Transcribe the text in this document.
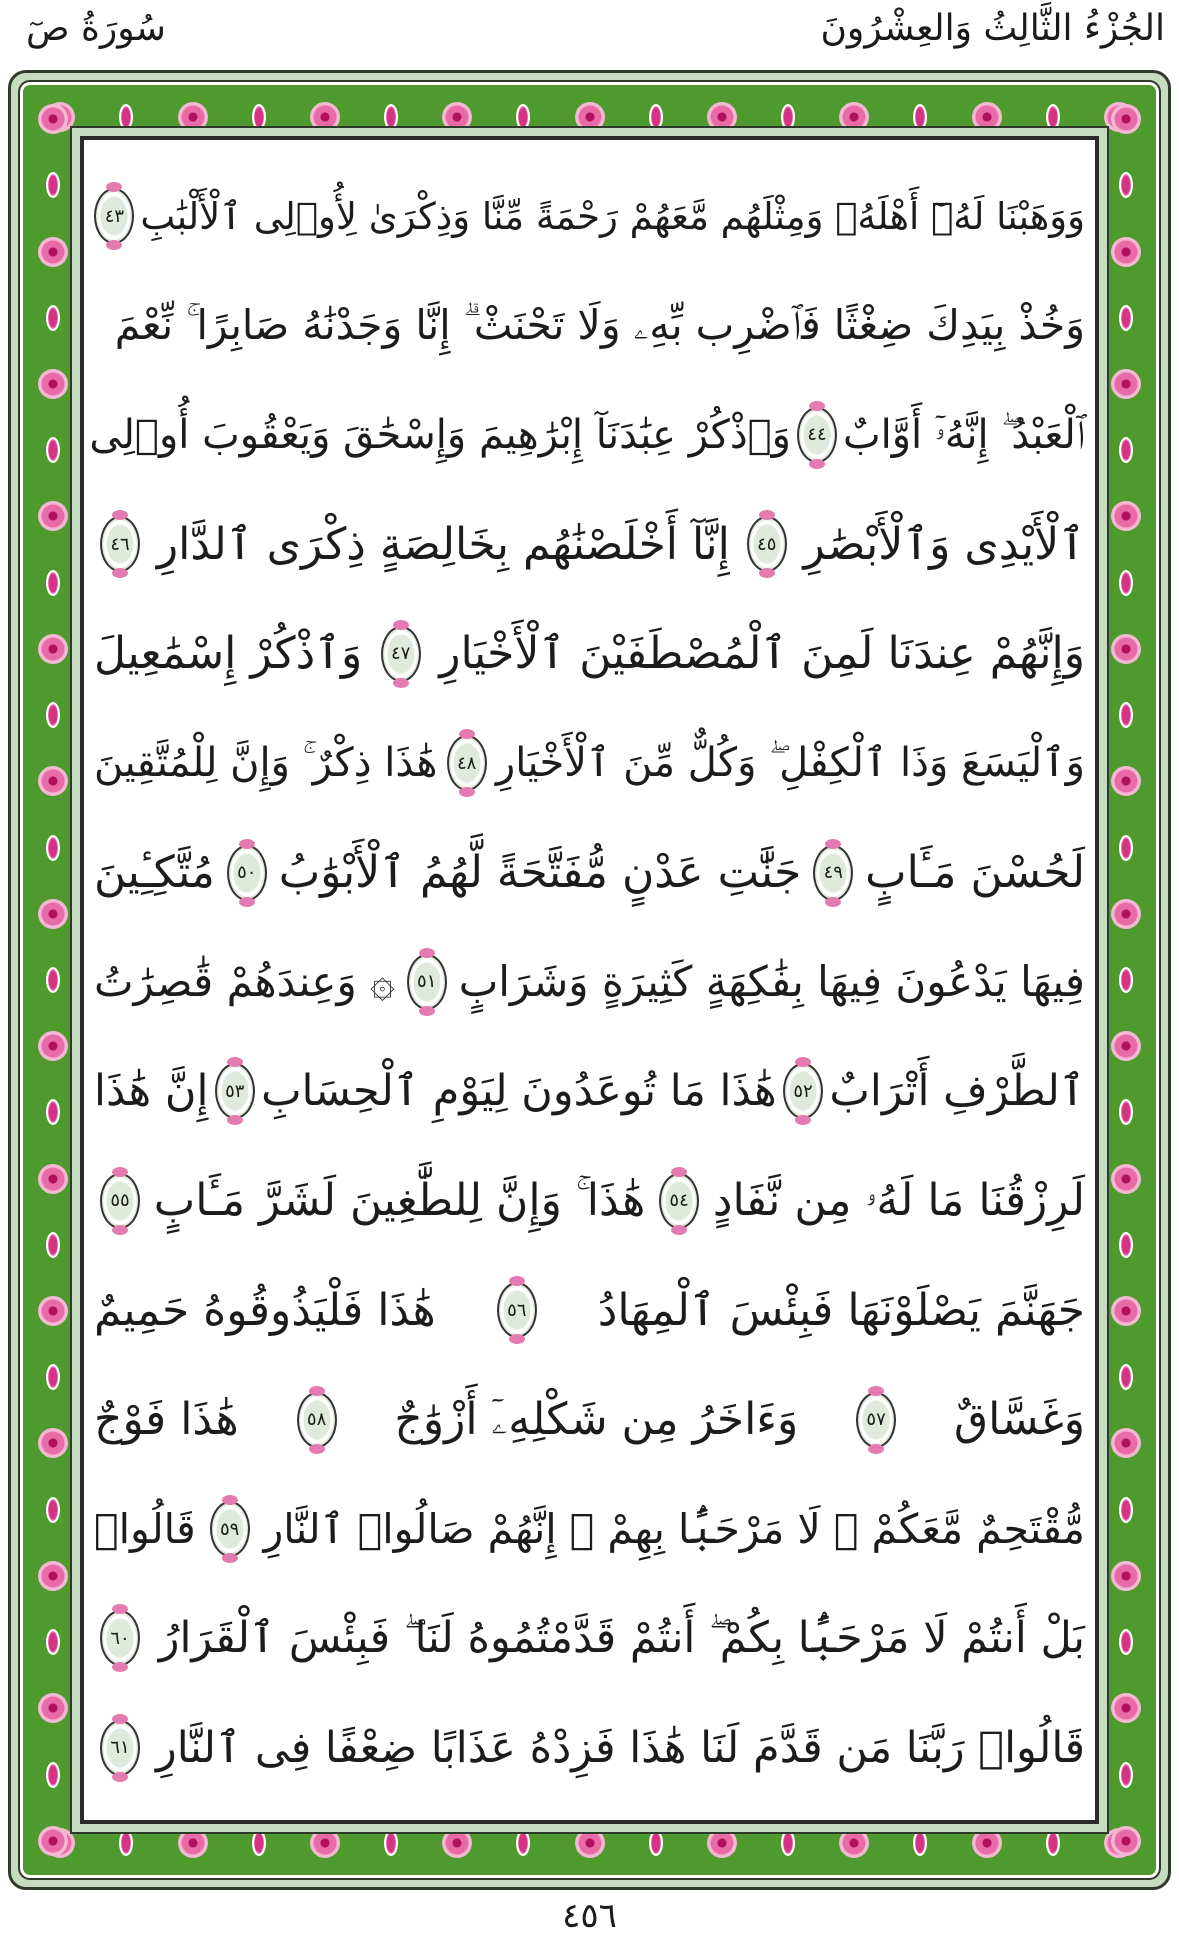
الجُزْءُ الثَّالِثُ وَالعِشْرُونَ
سُورَةُ صٓ
وَوَهَبْنَا لَهُۥٓ أَهْلَهُۥ وَمِثْلَهُم مَّعَهُمْ رَحْمَةً مِّنَّا وَذِكْرَىٰ لِأُو۟لِى ٱلْأَلْبَٰبِ
٤٣
وَخُذْ بِيَدِكَ ضِغْثًا فَٱضْرِب بِّهِۦ وَلَا تَحْنَثْ ۗ إِنَّا وَجَدْنَٰهُ صَابِرًا ۚ نِّعْمَ
ٱلْعَبْدُ ۖ إِنَّهُۥٓ أَوَّابٌ
٤٤
وَٱذْكُرْ عِبَٰدَنَآ إِبْرَٰهِيمَ وَإِسْحَٰقَ وَيَعْقُوبَ أُو۟لِى
ٱلْأَيْدِى وَٱلْأَبْصَٰرِ
٤٥
إِنَّآ أَخْلَصْنَٰهُم بِخَالِصَةٍ ذِكْرَى ٱلدَّارِ
٤٦
وَإِنَّهُمْ عِندَنَا لَمِنَ ٱلْمُصْطَفَيْنَ ٱلْأَخْيَارِ
٤٧
وَٱذْكُرْ إِسْمَٰعِيلَ
وَٱلْيَسَعَ وَذَا ٱلْكِفْلِ ۖ وَكُلٌّ مِّنَ ٱلْأَخْيَارِ
٤٨
هَٰذَا ذِكْرٌ ۚ وَإِنَّ لِلْمُتَّقِينَ
لَحُسْنَ مَـَٔابٍ
٤٩
جَنَّٰتِ عَدْنٍ مُّفَتَّحَةً لَّهُمُ ٱلْأَبْوَٰبُ
٥٠
مُتَّكِـِٔينَ
فِيهَا يَدْعُونَ فِيهَا بِفَٰكِهَةٍ كَثِيرَةٍ وَشَرَابٍ
٥١
۞ وَعِندَهُمْ قَٰصِرَٰتُ
ٱلطَّرْفِ أَتْرَابٌ
٥٢
هَٰذَا مَا تُوعَدُونَ لِيَوْمِ ٱلْحِسَابِ
٥٣
إِنَّ هَٰذَا
لَرِزْقُنَا مَا لَهُۥ مِن نَّفَادٍ
٥٤
هَٰذَا ۚ وَإِنَّ لِلطَّٰغِينَ لَشَرَّ مَـَٔابٍ
٥٥
جَهَنَّمَ يَصْلَوْنَهَا فَبِئْسَ ٱلْمِهَادُ
٥٦
هَٰذَا فَلْيَذُوقُوهُ حَمِيمٌ
وَغَسَّاقٌ
٥٧
وَءَاخَرُ مِن شَكْلِهِۦٓ أَزْوَٰجٌ
٥٨
هَٰذَا فَوْجٌ
مُّقْتَحِمٌ مَّعَكُمْ ۖ لَا مَرْحَبًۢا بِهِمْ ۚ إِنَّهُمْ صَالُوا۟ ٱلنَّارِ
٥٩
قَالُوا۟
بَلْ أَنتُمْ لَا مَرْحَبًۢا بِكُمْ ۖ أَنتُمْ قَدَّمْتُمُوهُ لَنَا ۖ فَبِئْسَ ٱلْقَرَارُ
٦٠
قَالُوا۟ رَبَّنَا مَن قَدَّمَ لَنَا هَٰذَا فَزِدْهُ عَذَابًا ضِعْفًا فِى ٱلنَّارِ
٦١
٤٥٦
